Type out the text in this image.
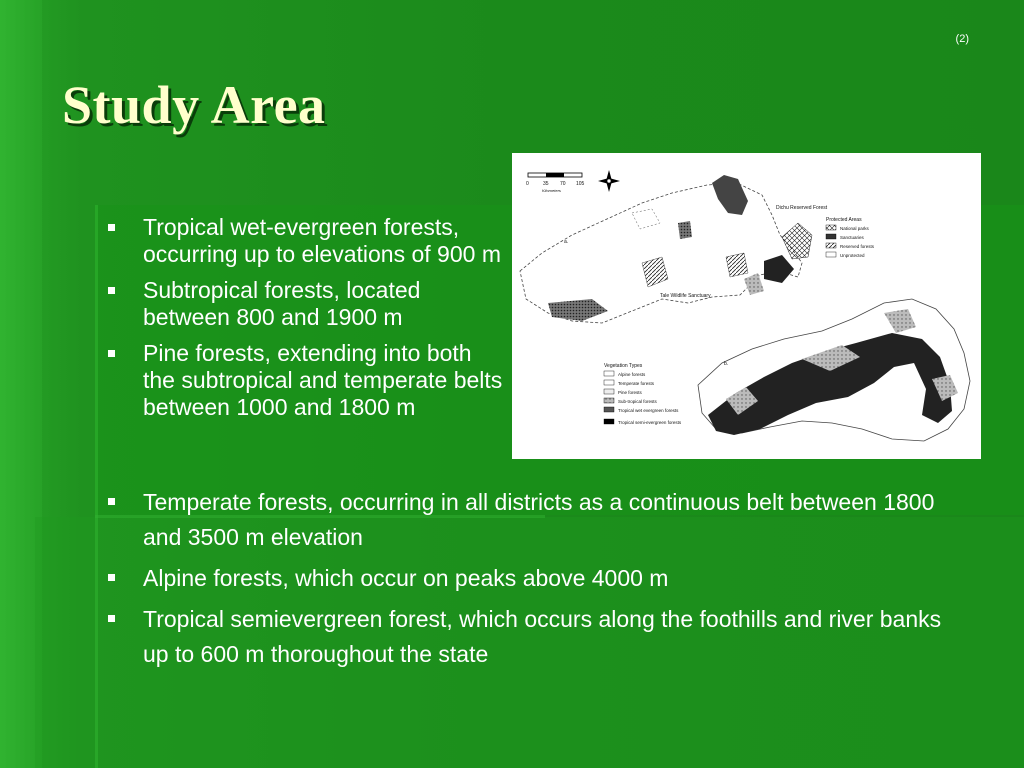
(2)
Study Area
0	35 70 105
Kilometers
a.
Dichu Reserved Forest
Tale Wildlife Sanctuary
Protected Areas
National parks
Sanctuaries
Reserved forests
Unprotected
b.
Vegetation Types
Alpine forests
Temperate forests
Pine forests
Sub-tropical forests
Tropical wet evergreen forests
Tropical semi-evergreen forests
Tropical wet-evergreen forests, occurring up to elevations of 900 m
Subtropical forests, located between 800 and 1900 m
Pine forests, extending into both the subtropical and temperate belts between 1000 and 1800 m
Temperate forests, occurring in all districts as a continuous belt between 1800 and 3500 m elevation
Alpine forests, which occur on peaks above 4000 m
Tropical semievergreen forest, which occurs along the foothills and river banks up to 600 m thoroughout the state
